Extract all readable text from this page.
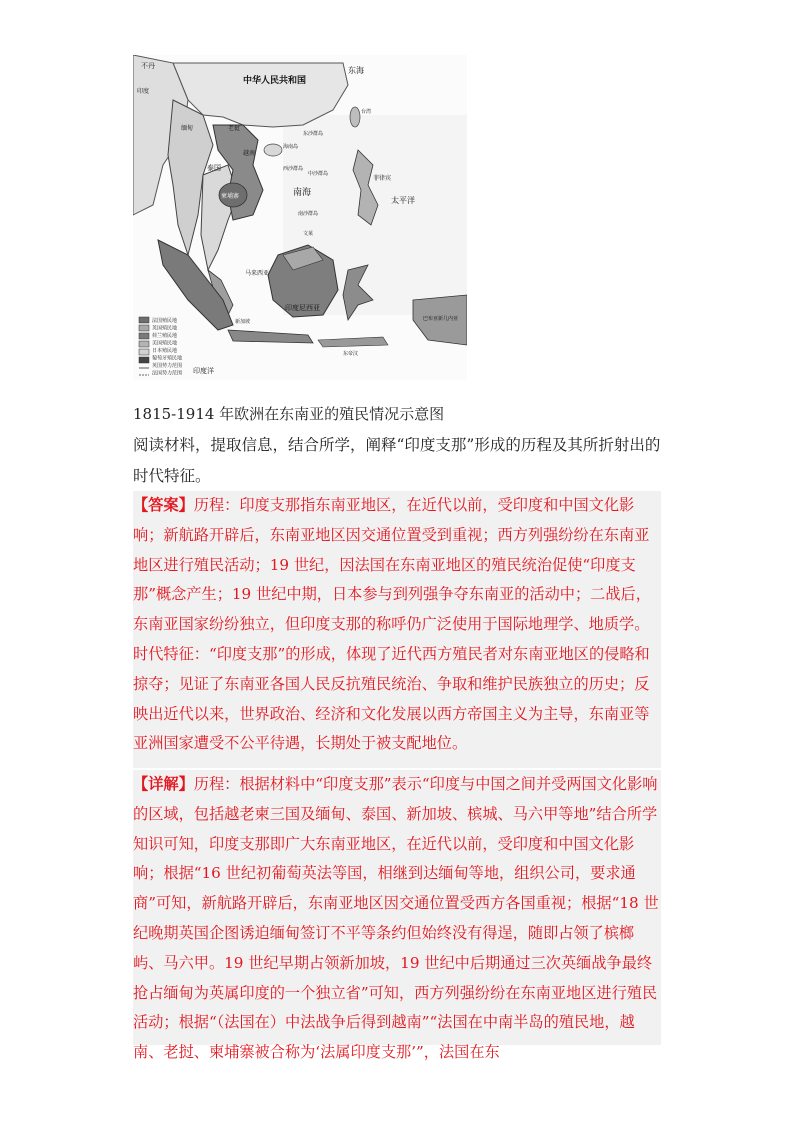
法国殖民地
英国殖民地
荷兰殖民地
美国殖民地
日本殖民地
葡萄牙殖民地
英国势力范围
法国势力范围
不丹
中华人民共和国
东海
印度
缅甸	老挝
越南
泰国
柬埔寨	南海
太平洋
马来西亚
印度尼西亚
菲律宾
新加坡
文莱
台湾
东沙群岛
西沙群岛
中沙群岛
南沙群岛
海南岛
东帝汶
巴布亚新几内亚
印度洋
1815-1914 年欧洲在东南亚的殖民情况示意图
阅读材料，提取信息，结合所学，阐释“印度支那”形成的历程及其所折射出的时代特征。

【答案】历程：印度支那指东南亚地区，在近代以前，受印度和中国文化影响；新航路开辟后，东南亚地区因交通位置受到重视；西方列强纷纷在东南亚地区进行殖民活动；19 世纪，因法国在东南亚地区的殖民统治促使“印度支那”概念产生；19 世纪中期，日本参与到列强争夺东南亚的活动中；二战后，东南亚国家纷纷独立，但印度支那的称呼仍广泛使用于国际地理学、地质学。

时代特征：“印度支那”的形成，体现了近代西方殖民者对东南亚地区的侵略和掠夺；见证了东南亚各国人民反抗殖民统治、争取和维护民族独立的历史；反映出近代以来，世界政治、经济和文化发展以西方帝国主义为主导，东南亚等亚洲国家遭受不公平待遇，长期处于被支配地位。

【详解】历程：根据材料中“印度支那”表示“印度与中国之间并受两国文化影响的区域，包括越老柬三国及缅甸、泰国、新加坡、槟城、马六甲等地”结合所学知识可知，印度支那即广大东南亚地区，在近代以前，受印度和中国文化影响；根据“16 世纪初葡萄英法等国，相继到达缅甸等地，组织公司，要求通商”可知，新航路开辟后，东南亚地区因交通位置受西方各国重视；根据“18 世纪晚期英国企图诱迫缅甸签订不平等条约但始终没有得逞，随即占领了槟榔屿、马六甲。19 世纪早期占领新加坡，19 世纪中后期通过三次英缅战争最终抢占缅甸为英属印度的一个独立省”可知，西方列强纷纷在东南亚地区进行殖民活动；根据“（法国在）中法战争后得到越南”“法国在中南半岛的殖民地，越南、老挝、柬埔寨被合称为‘法属印度支那’”，法国在东
